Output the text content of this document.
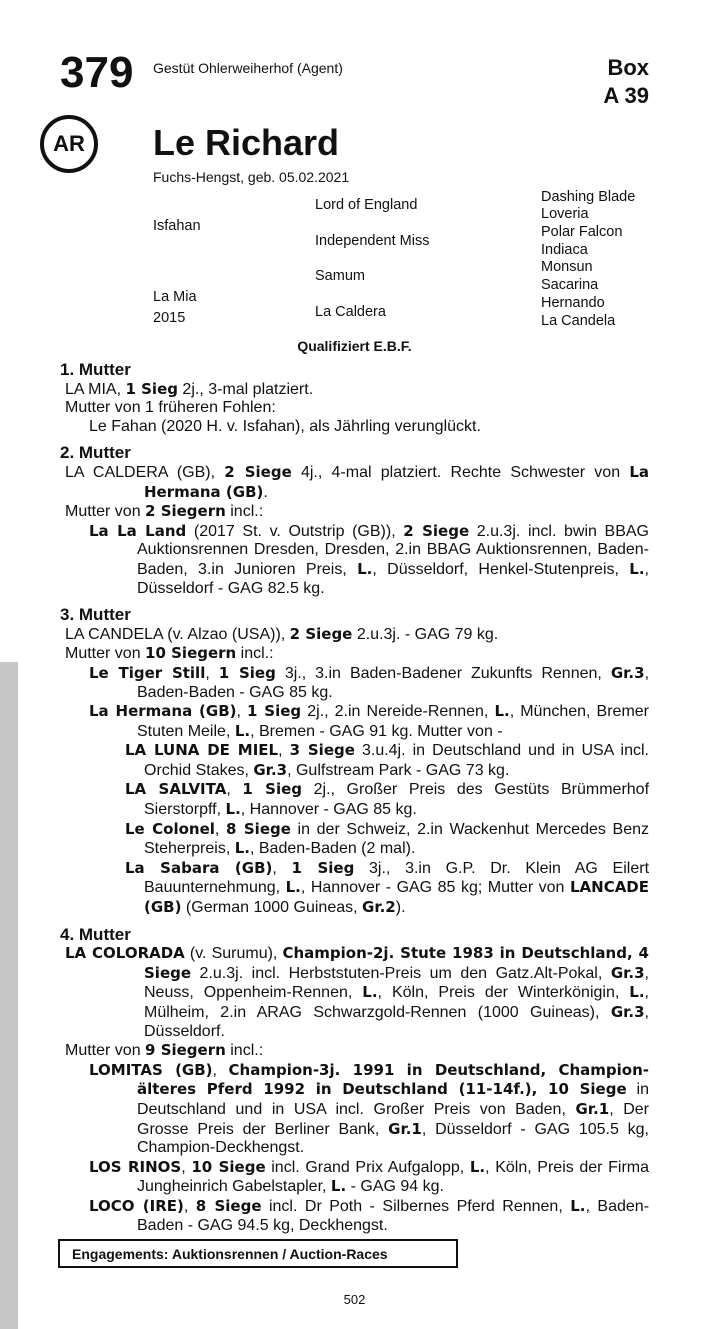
379 Gestüt Ohlerweiherhof (Agent)	Box
A 39
AR	Le Richard
Fuchs-Hengst, geb. 05.02.2021
Isfahan
La Mia
2015
Lord of England
Independent Miss
Samum
La Caldera
Dashing Blade
Loveria
Polar Falcon
Indiaca
Monsun
Sacarina
Hernando
La Candela
Qualifiziert E.B.F.
1. Mutter
LA MIA, 1 Sieg 2j., 3-mal platziert.
Mutter von 1 früheren Fohlen:
Le Fahan (2020 H. v. Isfahan), als Jährling verunglückt.
2. Mutter
LA CALDERA (GB), 2 Siege 4j., 4-mal platziert. Rechte Schwester von La Hermana (GB).
Mutter von 2 Siegern incl.:
La La Land (2017 St. v. Outstrip (GB)), 2 Siege 2.u.3j. incl. bwin BBAG Auktionsrennen Dresden, Dresden, 2.in BBAG Auktionsrennen, Baden-Baden, 3.in Junioren Preis, L., Düsseldorf, Henkel-Stutenpreis, L., Düsseldorf - GAG 82.5 kg.
3. Mutter
LA CANDELA (v. Alzao (USA)), 2 Siege 2.u.3j. - GAG 79 kg.
Mutter von 10 Siegern incl.:
Le Tiger Still, 1 Sieg 3j., 3.in Baden-Badener Zukunfts Rennen, Gr.3, Baden-Baden - GAG 85 kg.
La Hermana (GB), 1 Sieg 2j., 2.in Nereide-Rennen, L., München, Bremer Stuten Meile, L., Bremen - GAG 91 kg. Mutter von -
LA LUNA DE MIEL, 3 Siege 3.u.4j. in Deutschland und in USA incl. Orchid Stakes, Gr.3, Gulfstream Park - GAG 73 kg.
LA SALVITA, 1 Sieg 2j., Großer Preis des Gestüts Brümmerhof Sierstorpff, L., Hannover - GAG 85 kg.
Le Colonel, 8 Siege in der Schweiz, 2.in Wackenhut Mercedes Benz Steherpreis, L., Baden-Baden (2 mal).
La Sabara (GB), 1 Sieg 3j., 3.in G.P. Dr. Klein AG Eilert Bauunternehmung, L., Hannover - GAG 85 kg; Mutter von LANCADE (GB) (German 1000 Guineas, Gr.2).
4. Mutter
LA COLORADA (v. Surumu), Champion-2j. Stute 1983 in Deutschland, 4 Siege 2.u.3j. incl. Herbststuten-Preis um den Gatz.Alt-Pokal, Gr.3, Neuss, Oppenheim-Rennen, L., Köln, Preis der Winterkönigin, L., Mülheim, 2.in ARAG Schwarzgold-Rennen (1000 Guineas), Gr.3, Düsseldorf.
Mutter von 9 Siegern incl.:
LOMITAS (GB), Champion-3j. 1991 in Deutschland, Champion-älteres Pferd 1992 in Deutschland (11-14f.), 10 Siege in Deutschland und in USA incl. Großer Preis von Baden, Gr.1, Der Grosse Preis der Berliner Bank, Gr.1, Düsseldorf - GAG 105.5 kg, Champion-Deckhengst.
LOS RINOS, 10 Siege incl. Grand Prix Aufgalopp, L., Köln, Preis der Firma Jungheinrich Gabelstapler, L. - GAG 94 kg.
LOCO (IRE), 8 Siege incl. Dr Poth - Silbernes Pferd Rennen, L., Baden-Baden - GAG 94.5 kg, Deckhengst.
Engagements: Auktionsrennen / Auction-Races
502
